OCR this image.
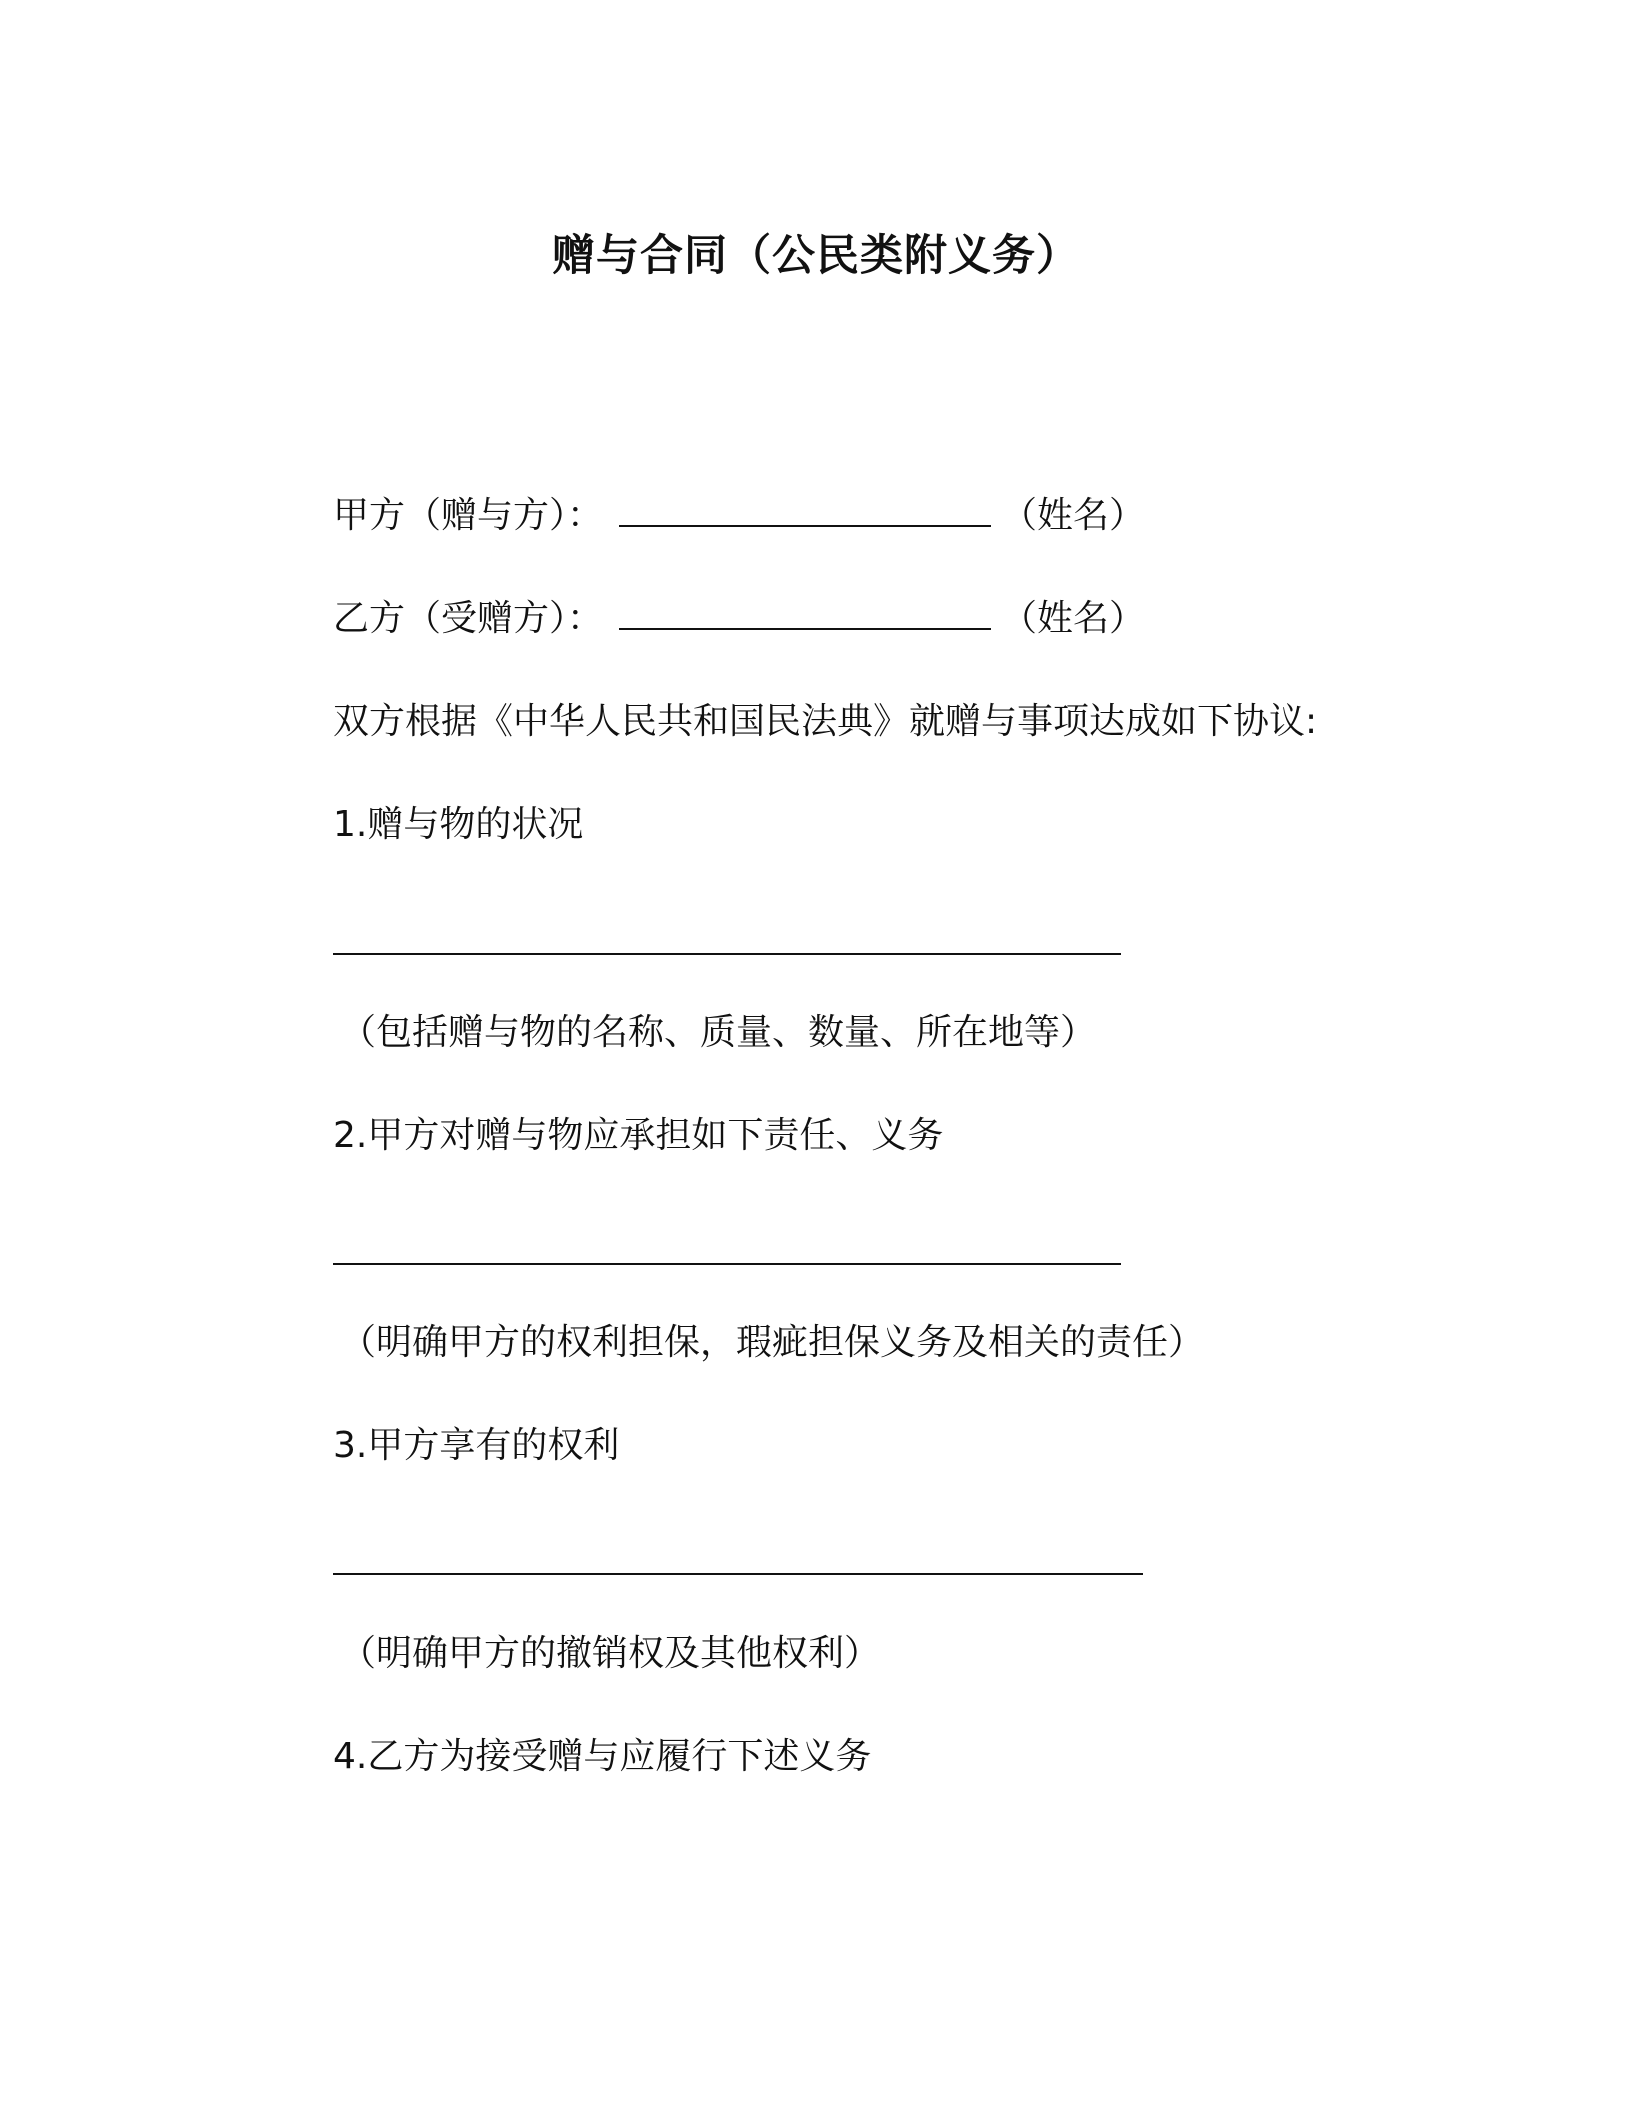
赠与合同（公民类附义务）
甲方（赠与方）：	（姓名）
乙方（受赠方）：	（姓名）
双方根据《中华人民共和国民法典》就赠与事项达成如下协议:
1.赠与物的状况
（包括赠与物的名称、质量、数量、所在地等）
2.甲方对赠与物应承担如下责任、义务
（明确甲方的权利担保，瑕疵担保义务及相关的责任）
3.甲方享有的权利
（明确甲方的撤销权及其他权利）
4.乙方为接受赠与应履行下述义务
